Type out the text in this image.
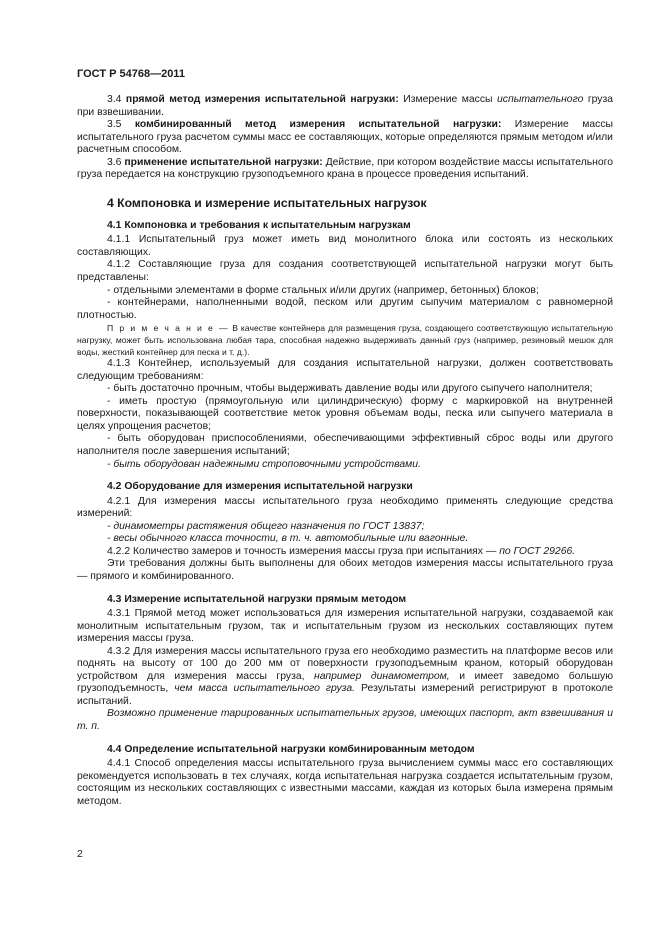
ГОСТ Р 54768—2011

3.4 прямой метод измерения испытательной нагрузки: Измерение массы испытательного груза при взвешивании.

3.5 комбинированный метод измерения испытательной нагрузки: Измерение массы испытательного груза расчетом суммы масс ее составляющих, которые определяются прямым методом и/или расчетным способом.

3.6 применение испытательной нагрузки: Действие, при котором воздействие массы испытательного груза передается на конструкцию грузоподъемного крана в процессе проведения испытаний.

4 Компоновка и измерение испытательных нагрузок
4.1 Компоновка и требования к испытательным нагрузкам

4.1.1 Испытательный груз может иметь вид монолитного блока или состоять из нескольких составляющих.

4.1.2 Составляющие груза для создания соответствующей испытательной нагрузки могут быть представлены:

- отдельными элементами в форме стальных и/или других (например, бетонных) блоков;

- контейнерами, наполненными водой, песком или другим сыпучим материалом с равномерной плотностью.

П р и м е ч а н и е — В качестве контейнера для размещения груза, создающего соответствующую испытательную нагрузку, может быть использована любая тара, способная надежно выдерживать данный груз (например, резиновый мешок для воды, жесткий контейнер для песка и т. д.).

4.1.3 Контейнер, используемый для создания испытательной нагрузки, должен соответствовать следующим требованиям:

- быть достаточно прочным, чтобы выдерживать давление воды или другого сыпучего наполнителя;

- иметь простую (прямоугольную или цилиндрическую) форму с маркировкой на внутренней поверхности, показывающей соответствие меток уровня объемам воды, песка или сыпучего материала в целях упрощения расчетов;

- быть оборудован приспособлениями, обеспечивающими эффективный сброс воды или другого наполнителя после завершения испытаний;

- быть оборудован надежными строповочными устройствами.

4.2 Оборудование для измерения испытательной нагрузки

4.2.1 Для измерения массы испытательного груза необходимо применять следующие средства измерений:

- динамометры растяжения общего назначения по ГОСТ 13837;

- весы обычного класса точности, в т. ч. автомобильные или вагонные.

4.2.2 Количество замеров и точность измерения массы груза при испытаниях — по ГОСТ 29266.

Эти требования должны быть выполнены для обоих методов измерения массы испытательного груза — прямого и комбинированного.

4.3 Измерение испытательной нагрузки прямым методом

4.3.1 Прямой метод может использоваться для измерения испытательной нагрузки, создаваемой как монолитным испытательным грузом, так и испытательным грузом из нескольких составляющих путем измерения массы груза.

4.3.2 Для измерения массы испытательного груза его необходимо разместить на платформе весов или поднять на высоту от 100 до 200 мм от поверхности грузоподъемным краном, который оборудован устройством для измерения массы груза, например динамометром, и имеет заведомо большую грузоподъемность, чем масса испытательного груза. Результаты измерений регистрируют в протоколе испытаний.

Возможно применение тарированных испытательных грузов, имеющих паспорт, акт взвешивания и т. п.

4.4 Определение испытательной нагрузки комбинированным методом

4.4.1 Способ определения массы испытательного груза вычислением суммы масс его составляющих рекомендуется использовать в тех случаях, когда испытательная нагрузка создается испытательным грузом, состоящим из нескольких составляющих с известными массами, каждая из которых была измерена прямым методом.

2
